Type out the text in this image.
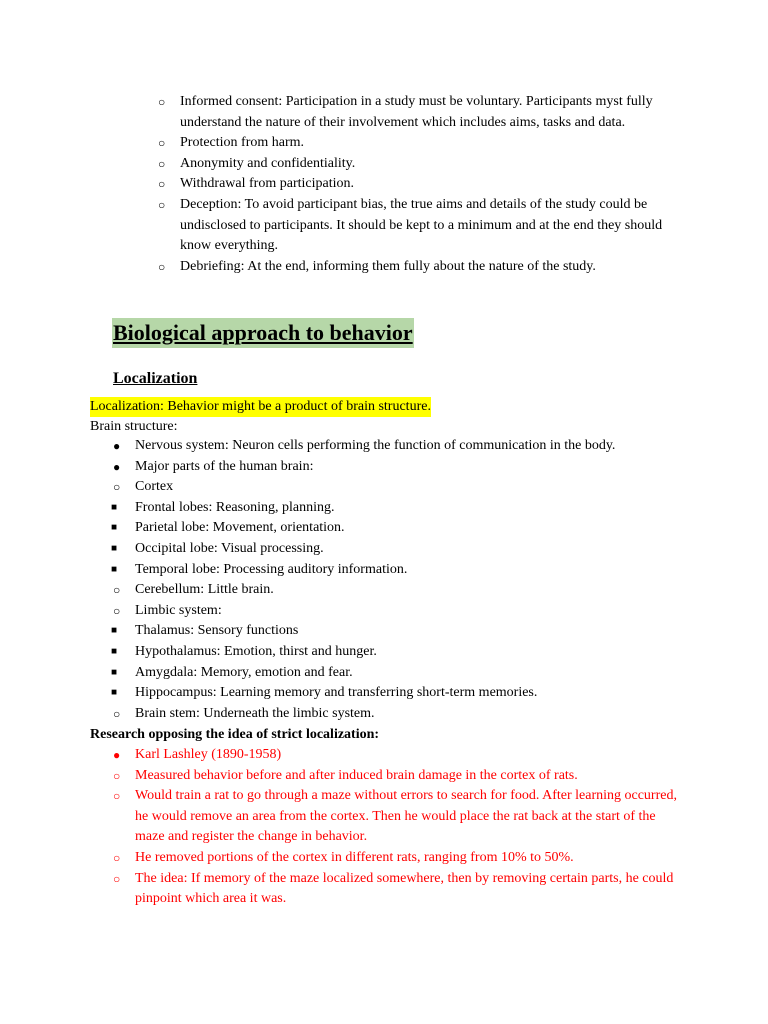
○ Informed consent: Participation in a study must be voluntary. Participants myst fully understand the nature of their involvement which includes aims, tasks and data.
○ Protection from harm.
○ Anonymity and confidentiality.
○ Withdrawal from participation.
○ Deception: To avoid participant bias, the true aims and details of the study could be undisclosed to participants. It should be kept to a minimum and at the end they should know everything.
○ Debriefing: At the end, informing them fully about the nature of the study.
Biological approach to behavior
Localization
Localization: Behavior might be a product of brain structure.
Brain structure:
● Nervous system: Neuron cells performing the function of communication in the body.
● Major parts of the human brain:
○ Cortex
■ Frontal lobes: Reasoning, planning.
■ Parietal lobe: Movement, orientation.
■ Occipital lobe: Visual processing.
■ Temporal lobe: Processing auditory information.
○ Cerebellum: Little brain.
○ Limbic system:
■ Thalamus: Sensory functions
■ Hypothalamus: Emotion, thirst and hunger.
■ Amygdala: Memory, emotion and fear.
■ Hippocampus: Learning memory and transferring short-term memories.
○ Brain stem: Underneath the limbic system.
Research opposing the idea of strict localization:
● Karl Lashley (1890-1958)
○ Measured behavior before and after induced brain damage in the cortex of rats.
○ Would train a rat to go through a maze without errors to search for food. After learning occurred, he would remove an area from the cortex. Then he would place the rat back at the start of the maze and register the change in behavior.
○ He removed portions of the cortex in different rats, ranging from 10% to 50%.
○ The idea: If memory of the maze localized somewhere, then by removing certain parts, he could pinpoint which area it was.
